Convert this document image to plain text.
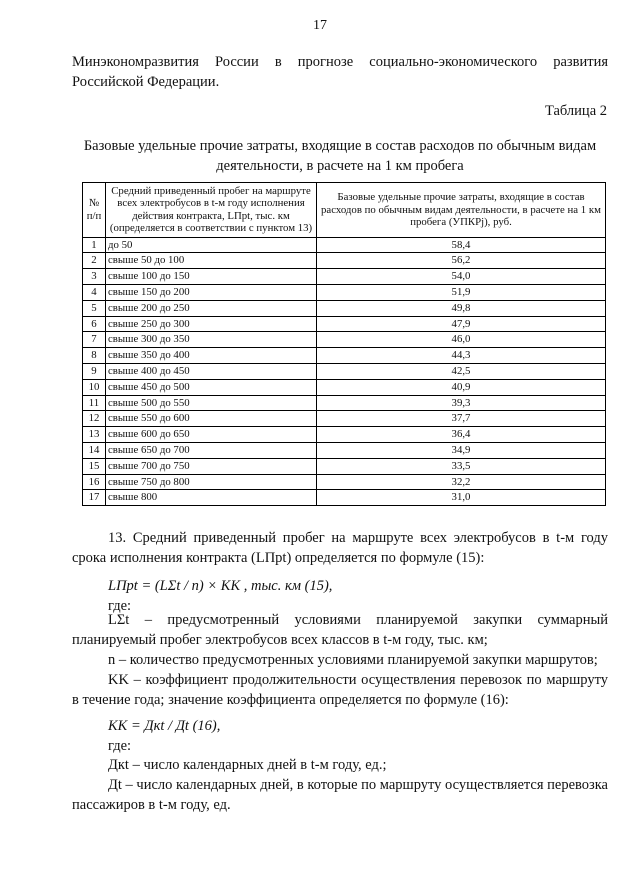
17
Минэкономразвития России в прогнозе социально-экономического развития Российской Федерации.
Таблица 2
Базовые удельные прочие затраты, входящие в состав расходов по обычным видам деятельности, в расчете на 1 км пробега
№ п/п	Средний приведенный пробег на маршруте всех электробусов в t-м году исполнения действия контракта, LПрt, тыс. км (определяется в соответствии с пунктом 13)	Базовые удельные прочие затраты, входящие в состав расходов по обычным видам деятельности, в расчете на 1 км пробега (УПКРj), руб.
1	до 50	58,4
2	свыше 50 до 100	56,2
3	свыше 100 до 150	54,0
4	свыше 150 до 200	51,9
5	свыше 200 до 250	49,8
6	свыше 250 до 300	47,9
7	свыше 300 до 350	46,0
8	свыше 350 до 400	44,3
9	свыше 400 до 450	42,5
10	свыше 450 до 500	40,9
11	свыше 500 до 550	39,3
12	свыше 550 до 600	37,7
13	свыше 600 до 650	36,4
14	свыше 650 до 700	34,9
15	свыше 700 до 750	33,5
16	свыше 750 до 800	32,2
17	свыше 800	31,0
13. Средний приведенный пробег на маршруте всех электробусов в t-м году срока исполнения контракта (LПрt) определяется по формуле (15):
LПрt = (LΣt / n) × KK , тыс. км (15),
где:
LΣt – предусмотренный условиями планируемой закупки суммарный планируемый пробег электробусов всех классов в t-м году, тыс. км;
n – количество предусмотренных условиями планируемой закупки маршрутов;
KK – коэффициент продолжительности осуществления перевозок по маршруту в течение года; значение коэффициента определяется по формуле (16):
KK = Дкt / Дt (16),
где:
Дкt – число календарных дней в t-м году, ед.;
Дt – число календарных дней, в которые по маршруту осуществляется перевозка пассажиров в t-м году, ед.
